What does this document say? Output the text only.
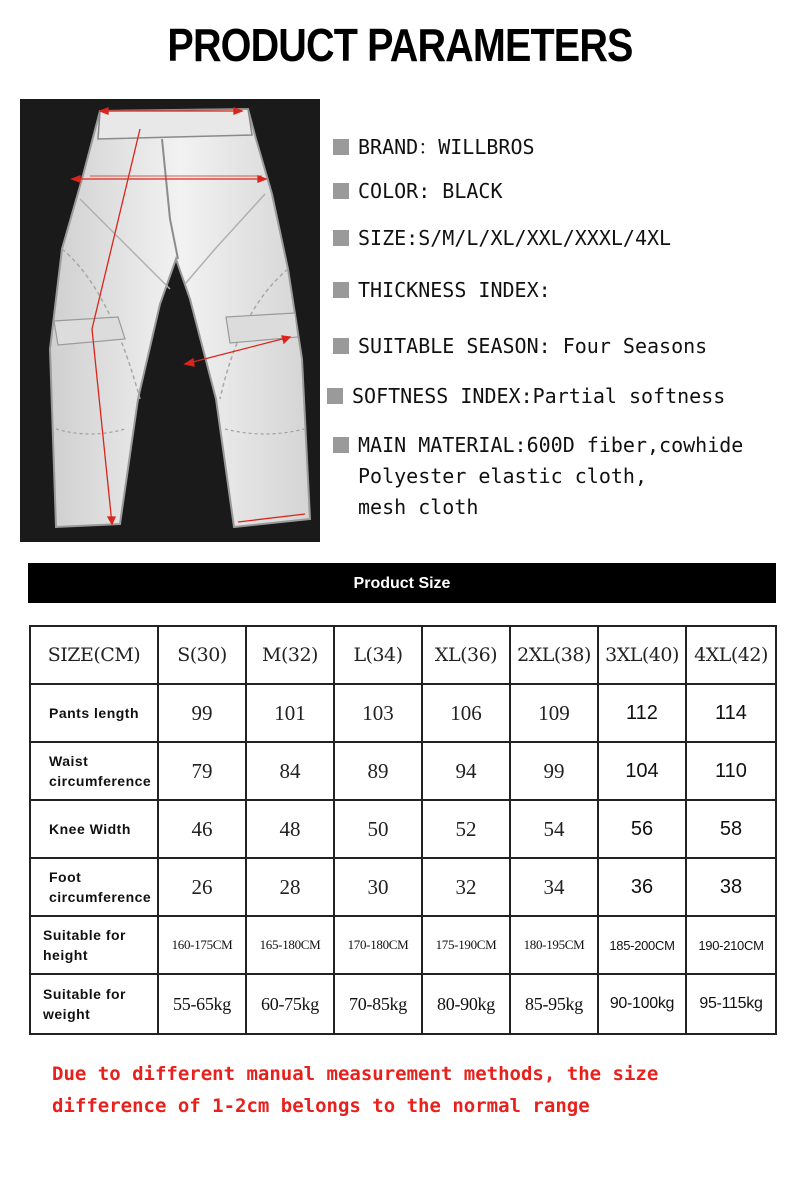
PRODUCT PARAMETERS
BRAND：WILLBROS
COLOR: BLACK
SIZE:S/M/L/XL/XXL/XXXL/4XL
THICKNESS INDEX:
SUITABLE SEASON: Four Seasons
SOFTNESS INDEX:Partial softness
MAIN MATERIAL:600D fiber,cowhide
Polyester elastic cloth,
mesh cloth
Product Size
SIZE(CM)	S(30)	M(32)	L(34)	XL(36)	2XL(38)	3XL(40)	4XL(42)
Pants length	99	101	103	106	109	112	114
Waist circumference	79	84	89	94	99	104	110
Knee Width	46	48	50	52	54	56	58
Foot circumference	26	28	30	32	34	36	38
Suitable for height	160-175CM	165-180CM	170-180CM	175-190CM	180-195CM	185-200CM	190-210CM
Suitable for weight	55-65kg	60-75kg	70-85kg	80-90kg	85-95kg	90-100kg	95-115kg
Due to different manual measurement methods, the size difference of 1-2cm belongs to the normal range
